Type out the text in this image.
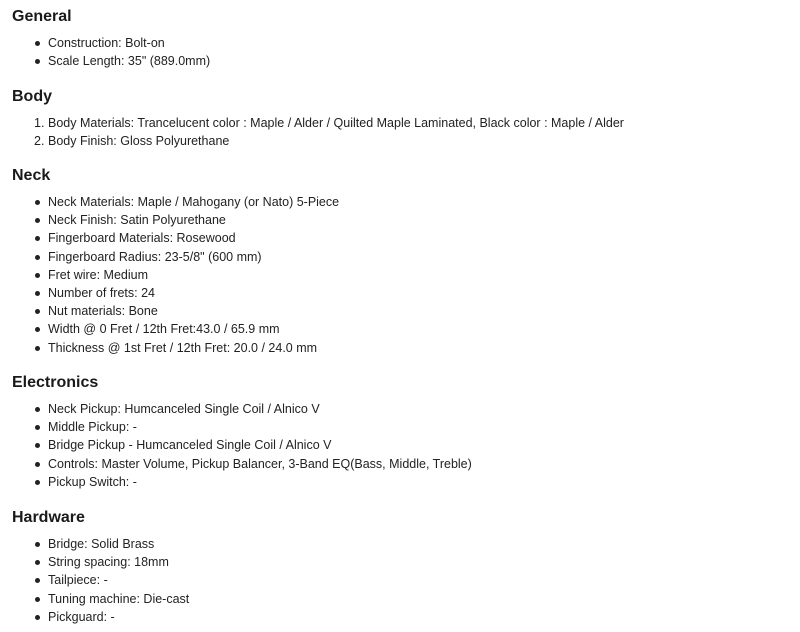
General
Construction: Bolt-on
Scale Length: 35" (889.0mm)
Body
1. Body Materials: Trancelucent color : Maple / Alder / Quilted Maple Laminated, Black color : Maple / Alder
2. Body Finish: Gloss Polyurethane
Neck
Neck Materials: Maple / Mahogany (or Nato) 5-Piece
Neck Finish: Satin Polyurethane
Fingerboard Materials: Rosewood
Fingerboard Radius: 23-5/8" (600 mm)
Fret wire: Medium
Number of frets: 24
Nut materials: Bone
Width @ 0 Fret / 12th Fret:43.0 / 65.9 mm
Thickness @ 1st Fret / 12th Fret: 20.0 / 24.0 mm
Electronics
Neck Pickup: Humcanceled Single Coil / Alnico V
Middle Pickup: -
Bridge Pickup - Humcanceled Single Coil / Alnico V
Controls: Master Volume, Pickup Balancer, 3-Band EQ(Bass, Middle, Treble)
Pickup Switch: -
Hardware
Bridge: Solid Brass
String spacing: 18mm
Tailpiece: -
Tuning machine: Die-cast
Pickguard: -
